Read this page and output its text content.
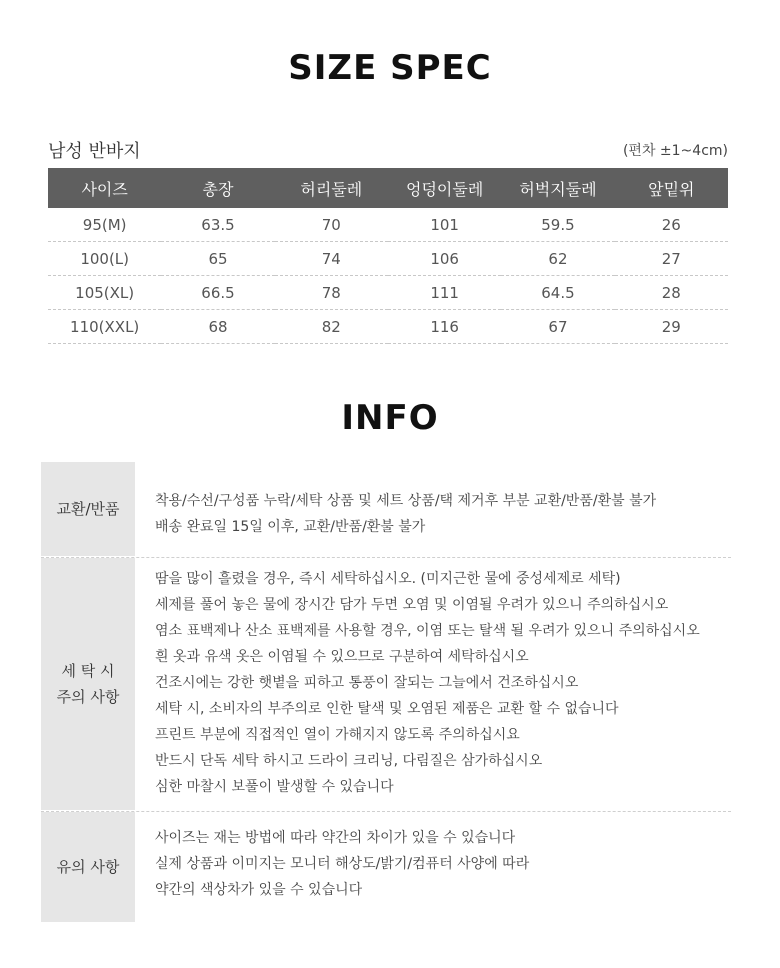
SIZE SPEC
남성 반바지	(편차 ±1~4cm)
사이즈	총장	허리둘레	엉덩이둘레	허벅지둘레	앞밑위
95(M)	63.5	70	101	59.5	26
100(L)	65	74	106	62	27
105(XL)	66.5	78	111	64.5	28
110(XXL)	68	82	116	67	29
INFO
교환/반품	착용/수선/구성품 누락/세탁 상품 및 세트 상품/택 제거후 부분 교환/반품/환불 불가
배송 완료일 15일 이후, 교환/반품/환불 불가
세 탁 시
주의 사항
땀을 많이 흘렸을 경우, 즉시 세탁하십시오. (미지근한 물에 중성세제로 세탁)
세제를 풀어 놓은 물에 장시간 담가 두면 오염 및 이염될 우려가 있으니 주의하십시오
염소 표백제나 산소 표백제를 사용할 경우, 이염 또는 탈색 될 우려가 있으니 주의하십시오
흰 옷과 유색 옷은 이염될 수 있으므로 구분하여 세탁하십시오
건조시에는 강한 햇볕을 피하고 통풍이 잘되는 그늘에서 건조하십시오
세탁 시, 소비자의 부주의로 인한 탈색 및 오염된 제품은 교환 할 수 없습니다
프린트 부분에 직접적인 열이 가해지지 않도록 주의하십시요
반드시 단독 세탁 하시고 드라이 크리닝, 다림질은 삼가하십시오
심한 마찰시 보풀이 발생할 수 있습니다
유의 사항
사이즈는 재는 방법에 따라 약간의 차이가 있을 수 있습니다
실제 상품과 이미지는 모니터 해상도/밝기/컴퓨터 사양에 따라
약간의 색상차가 있을 수 있습니다
